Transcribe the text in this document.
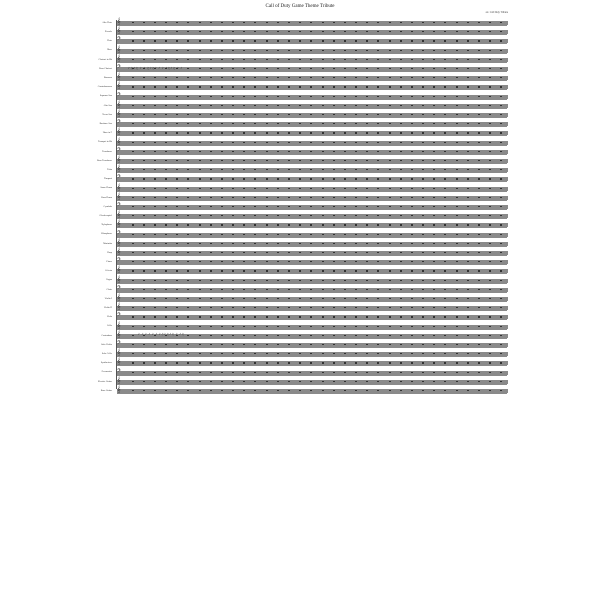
Call of Duty Game Theme Tribute
arr. Call Duty Tribute
Alto Flute 𝄞
Piccolo 𝄞
Flute 𝄢
Oboe 𝄞
Clarinet in Bb 𝄞
Bass Clarinet 𝄢
Bassoon 𝄞
Contrabassoon 𝄞
Soprano Sax 𝄢
Alto Sax 𝄞
Tenor Sax 𝄞
Baritone Sax 𝄢
Horn in F 𝄞
Trumpet in Bb 𝄞
Trombone 𝄢
Bass Trombone 𝄞
Tuba 𝄞
Timpani 𝄢
Snare Drum 𝄞
Bass Drum 𝄞
Cymbals 𝄢
Glockenspiel 𝄞
Xylophone 𝄞
Vibraphone 𝄢
Marimba 𝄞
Harp 𝄞
Piano 𝄢
Celesta 𝄞
Organ 𝄞
Choir 𝄢
Violin I 𝄞
Violin II 𝄞
Viola 𝄢
Cello 𝄞
Contrabass 𝄞
Solo Violin 𝄢
Solo Cello 𝄞
Synthesizer 𝄞
Percussion 𝄢
Electric Guitar 𝄞
Bass Guitar 𝄞
♪♫♪♫ ♪ ♪ ♫♪♫♪ ♪ ♪ ♪♫♪♫ ♪ ♪
♪ ♪ ♪ ♪ ♪ ♪ ♪♫♪♫♪♫ ♪ ♪♫
